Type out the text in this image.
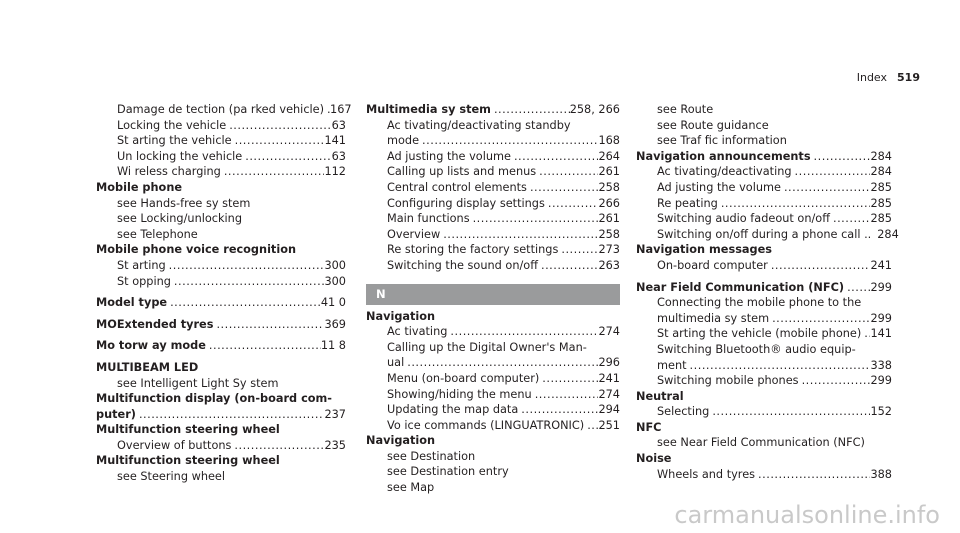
Index 519
Damage de tection (pa rked vehicle) ..... 167
Locking the vehicle .....	63
St arting the vehicle .....	141
Un locking the vehicle .....	63
Wi reless charging .....	112
Mobile phone
see Hands-free sy stem
see Locking/unlocking
see Telephone
Mobile phone voice recognition
St arting .....	300
St opping .....	300
Model type .....	41 0
MOExtended tyres .....	369
Mo torw ay mode .....	11 8
MULTIBEAM LED
see Intelligent Light Sy stem
Multifunction display (on-board com-
puter) .....	237
Multifunction steering wheel
Overview of buttons .....	235
Multifunction steering wheel
see Steering wheel
Multimedia sy stem .....	258, 266
Ac tivating/deactivating standby
mode .....	168
Ad justing the volume .....	264
Calling up lists and menus .....	261
Central control elements .....	258
Configuring display settings .....	266
Main functions .....	261
Overview .....	258
Re storing the factory settings .....	273
Switching the sound on/off .....	263
N
Navigation
Ac tivating .....	274
Calling up the Digital Owner's Man-
ual .....	296
Menu (on-board computer) .....	241
Showing/hiding the menu .....	274
Updating the map data .....	294
Vo ice commands (LINGUATRONIC) ..... 251
Navigation
see Destination
see Destination entry
see Map
see Route
see Route guidance
see Traf fic information
Navigation announcements .....	284
Ac tivating/deactivating .....	284
Ad justing the volume .....	285
Re peating .....	285
Switching audio fadeout on/off .....	285
Switching on/off during a phone call .. 284
Navigation messages
On-board computer .....	241
Near Field Communication (NFC) ..... 299
Connecting the mobile phone to the
multimedia sy stem .....	299
St arting the vehicle (mobile phone) ..... 141
Switching Bluetooth® audio equip-
ment .....	338
Switching mobile phones .....	299
Neutral
Selecting .....	152
NFC
see Near Field Communication (NFC)
Noise
Wheels and tyres .....	388
carmanualsonline.info
